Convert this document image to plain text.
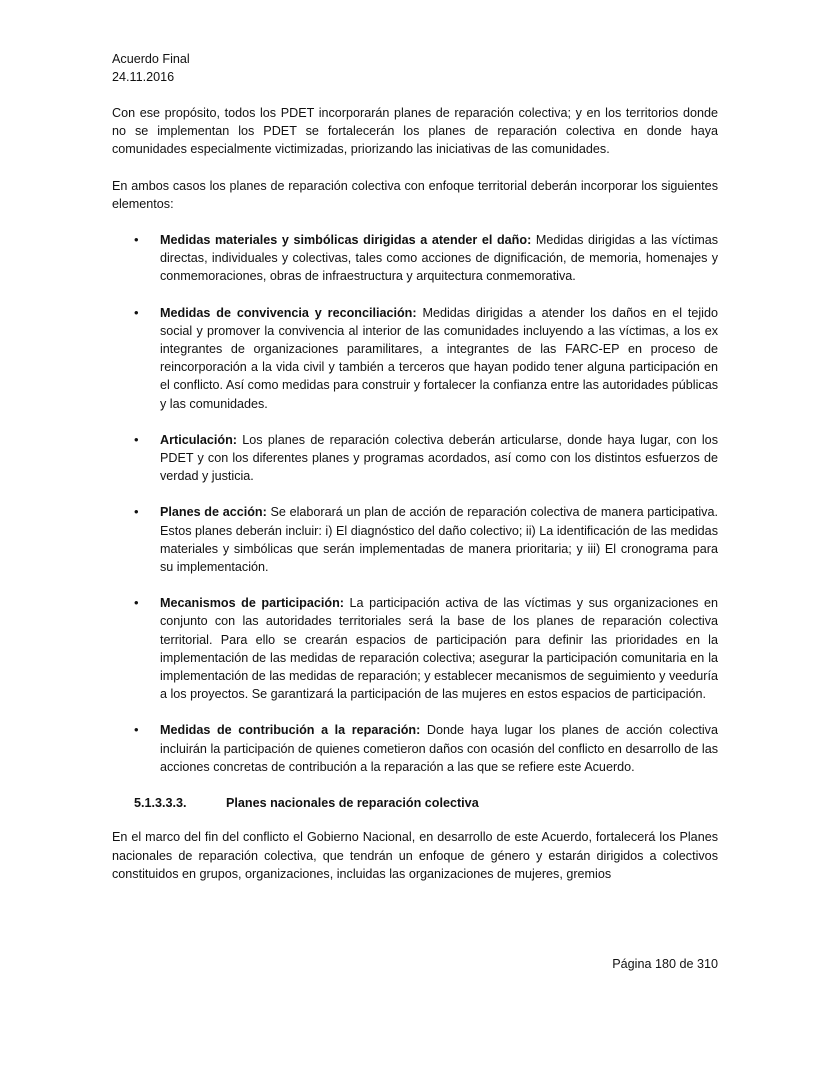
Acuerdo Final
24.11.2016

Con ese propósito, todos los PDET incorporarán planes de reparación colectiva; y en los territorios donde no se implementan los PDET se fortalecerán los planes de reparación colectiva en donde haya comunidades especialmente victimizadas, priorizando las iniciativas de las comunidades.

En ambos casos los planes de reparación colectiva con enfoque territorial deberán incorporar los siguientes elementos:

• Medidas materiales y simbólicas dirigidas a atender el daño: Medidas dirigidas a las víctimas directas, individuales y colectivas, tales como acciones de dignificación, de memoria, homenajes y conmemoraciones, obras de infraestructura y arquitectura conmemorativa.
• Medidas de convivencia y reconciliación: Medidas dirigidas a atender los daños en el tejido social y promover la convivencia al interior de las comunidades incluyendo a las víctimas, a los ex integrantes de organizaciones paramilitares, a integrantes de las FARC-EP en proceso de reincorporación a la vida civil y también a terceros que hayan podido tener alguna participación en el conflicto. Así como medidas para construir y fortalecer la confianza entre las autoridades públicas y las comunidades.
• Articulación: Los planes de reparación colectiva deberán articularse, donde haya lugar, con los PDET y con los diferentes planes y programas acordados, así como con los distintos esfuerzos de verdad y justicia.
• Planes de acción: Se elaborará un plan de acción de reparación colectiva de manera participativa. Estos planes deberán incluir: i) El diagnóstico del daño colectivo; ii) La identificación de las medidas materiales y simbólicas que serán implementadas de manera prioritaria; y iii) El cronograma para su implementación.
• Mecanismos de participación: La participación activa de las víctimas y sus organizaciones en conjunto con las autoridades territoriales será la base de los planes de reparación colectiva territorial. Para ello se crearán espacios de participación para definir las prioridades en la implementación de las medidas de reparación colectiva; asegurar la participación comunitaria en la implementación de las medidas de reparación; y establecer mecanismos de seguimiento y veeduría a los proyectos. Se garantizará la participación de las mujeres en estos espacios de participación.
• Medidas de contribución a la reparación: Donde haya lugar los planes de acción colectiva incluirán la participación de quienes cometieron daños con ocasión del conflicto en desarrollo de las acciones concretas de contribución a la reparación a las que se refiere este Acuerdo.

5.1.3.3.3.	Planes nacionales de reparación colectiva

En el marco del fin del conflicto el Gobierno Nacional, en desarrollo de este Acuerdo, fortalecerá los Planes nacionales de reparación colectiva, que tendrán un enfoque de género y estarán dirigidos a colectivos constituidos en grupos, organizaciones, incluidas las organizaciones de mujeres, gremios

Página 180 de 310
